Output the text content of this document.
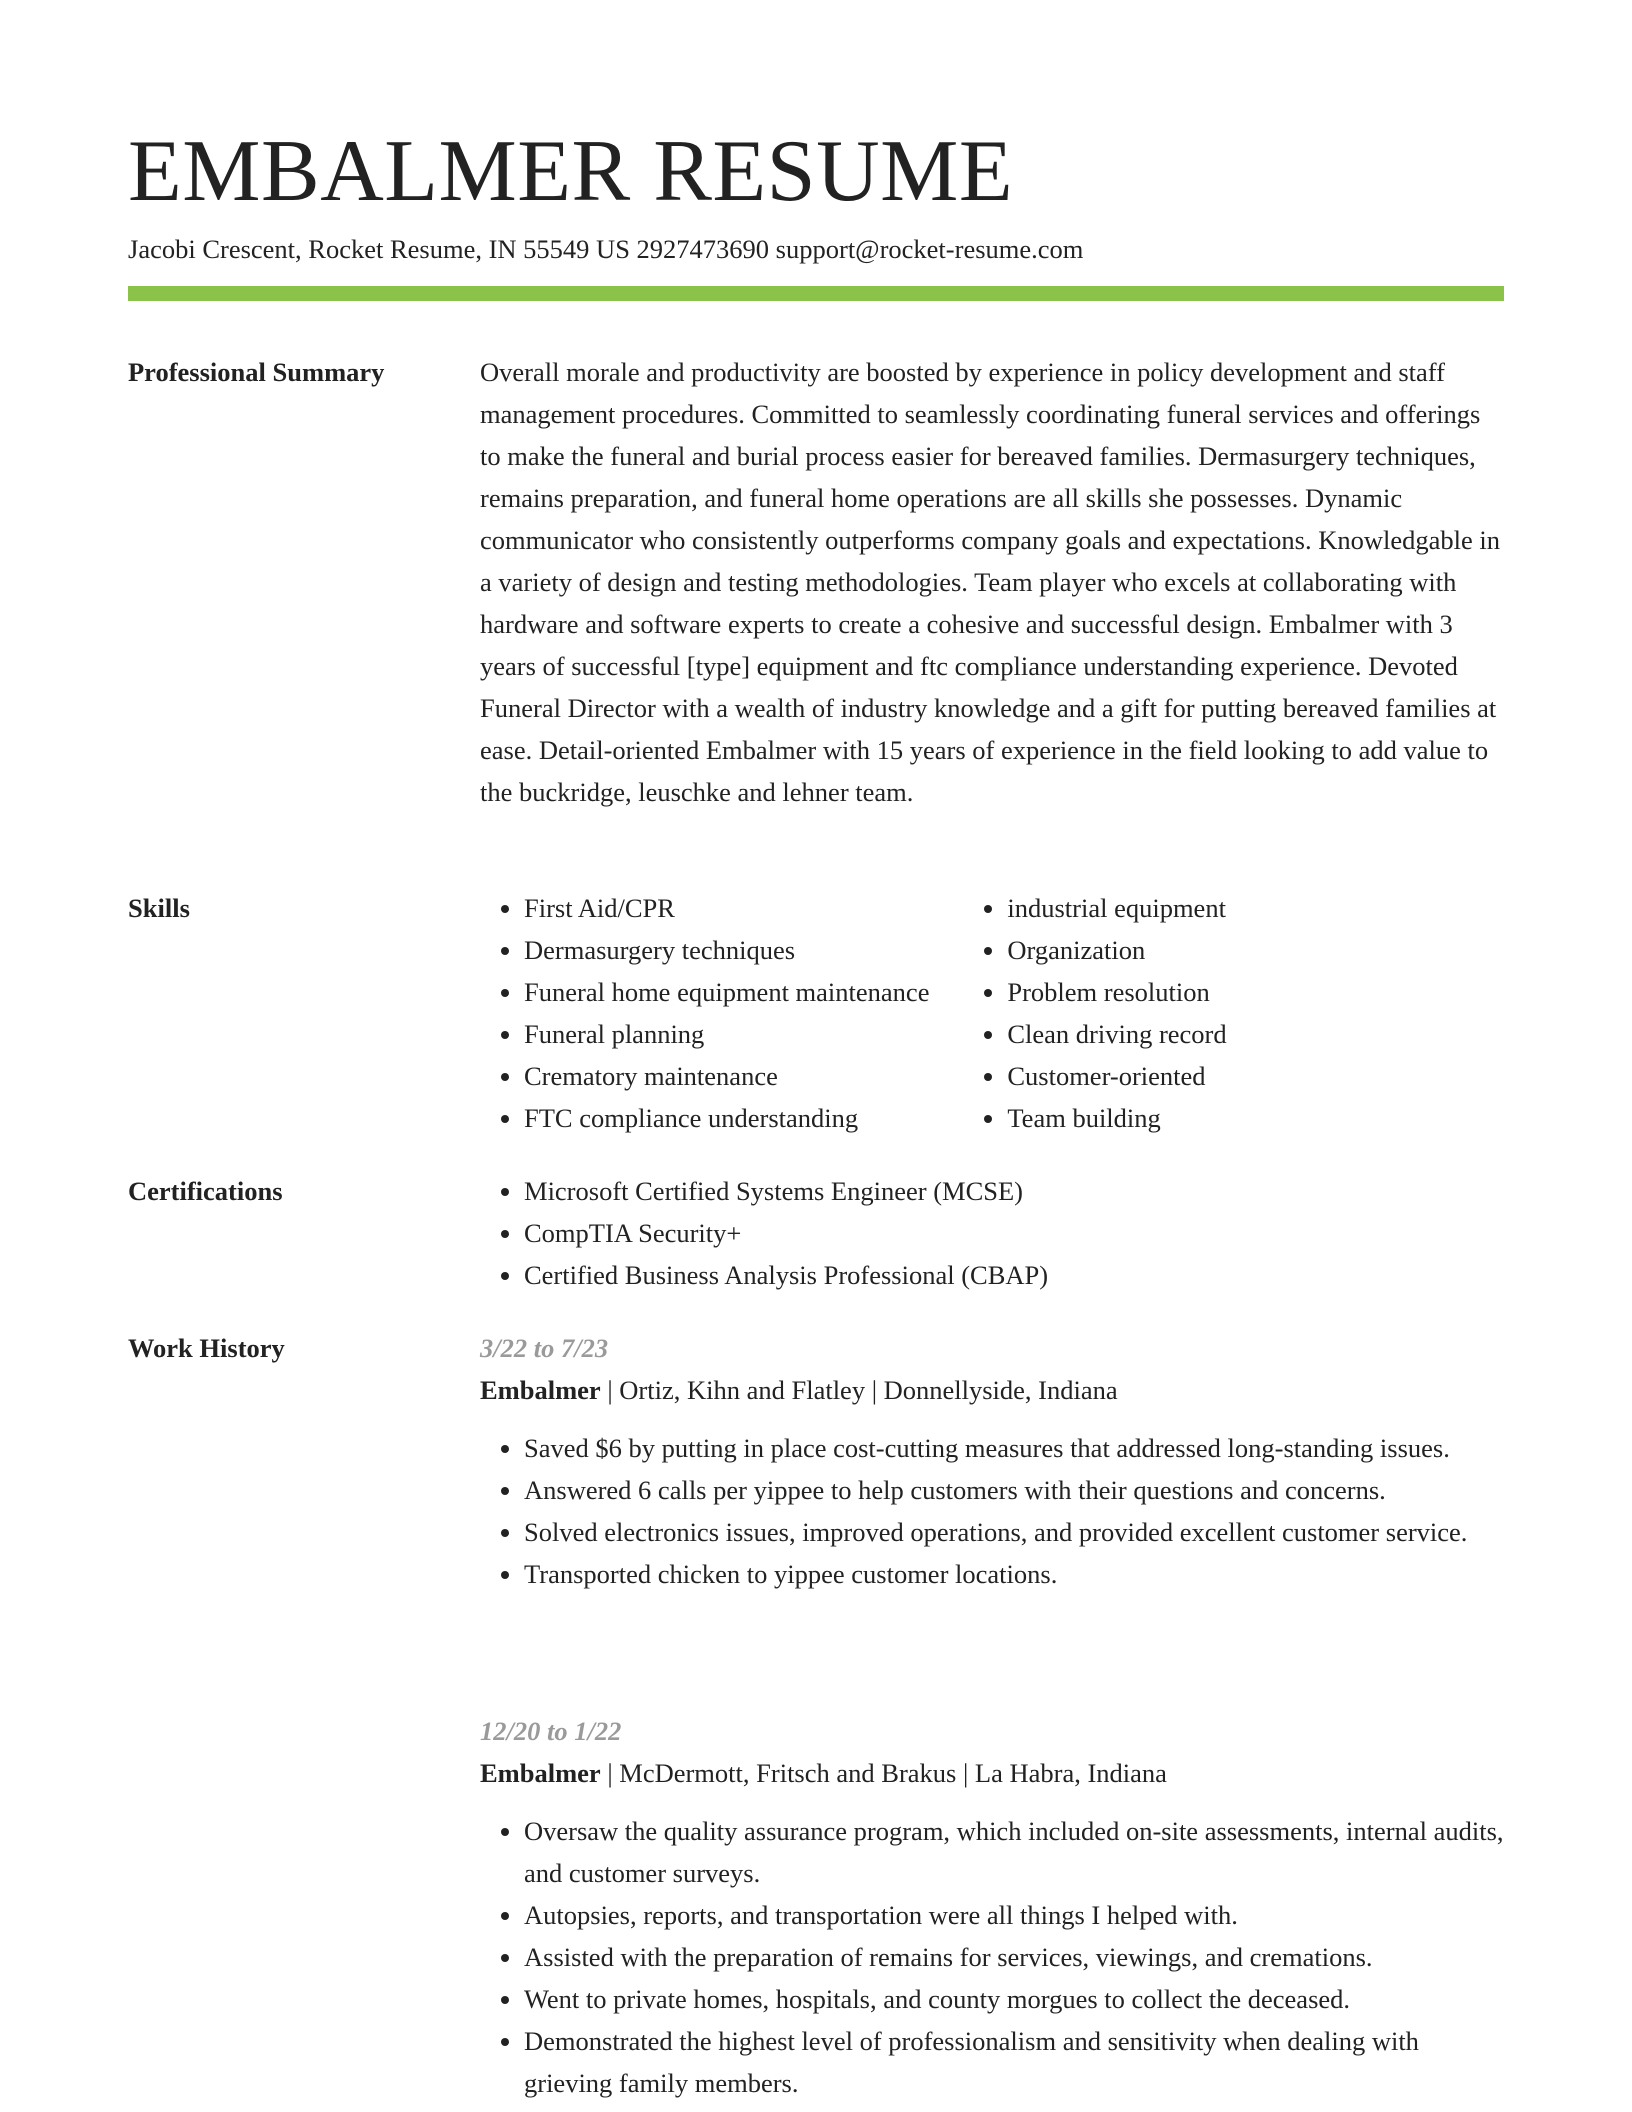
EMBALMER RESUME
Jacobi Crescent, Rocket Resume, IN 55549 US 2927473690 support@rocket-resume.com
Professional Summary	Overall morale and productivity are boosted by experience in policy development and staff management procedures. Committed to seamlessly coordinating funeral services and offerings to make the funeral and burial process easier for bereaved families. Dermasurgery techniques, remains preparation, and funeral home operations are all skills she possesses. Dynamic communicator who consistently outperforms company goals and expectations. Knowledgable in a variety of design and testing methodologies. Team player who excels at collaborating with hardware and software experts to create a cohesive and successful design. Embalmer with 3 years of successful [type] equipment and ftc compliance understanding experience. Devoted Funeral Director with a wealth of industry knowledge and a gift for putting bereaved families at ease. Detail-oriented Embalmer with 15 years of experience in the field looking to add value to the buckridge, leuschke and lehner team.

Skills	• First Aid/CPR
• Dermasurgery techniques
• Funeral home equipment maintenance
• Funeral planning
• Crematory maintenance
• FTC compliance understanding
• industrial equipment
• Organization
• Problem resolution
• Clean driving record
• Customer-oriented
• Team building
Certifications	• Microsoft Certified Systems Engineer (MCSE)
• CompTIA Security+
• Certified Business Analysis Professional (CBAP)
Work History	3/22 to 7/23
Embalmer | Ortiz, Kihn and Flatley | Donnellyside, Indiana
• Saved $6 by putting in place cost-cutting measures that addressed long-standing issues.
• Answered 6 calls per yippee to help customers with their questions and concerns.
• Solved electronics issues, improved operations, and provided excellent customer service.
• Transported chicken to yippee customer locations.
12/20 to 1/22
Embalmer | McDermott, Fritsch and Brakus | La Habra, Indiana
• Oversaw the quality assurance program, which included on-site assessments, internal audits, and customer surveys.
• Autopsies, reports, and transportation were all things I helped with.
• Assisted with the preparation of remains for services, viewings, and cremations.
• Went to private homes, hospitals, and county morgues to collect the deceased.
• Demonstrated the highest level of professionalism and sensitivity when dealing with grieving family members.
